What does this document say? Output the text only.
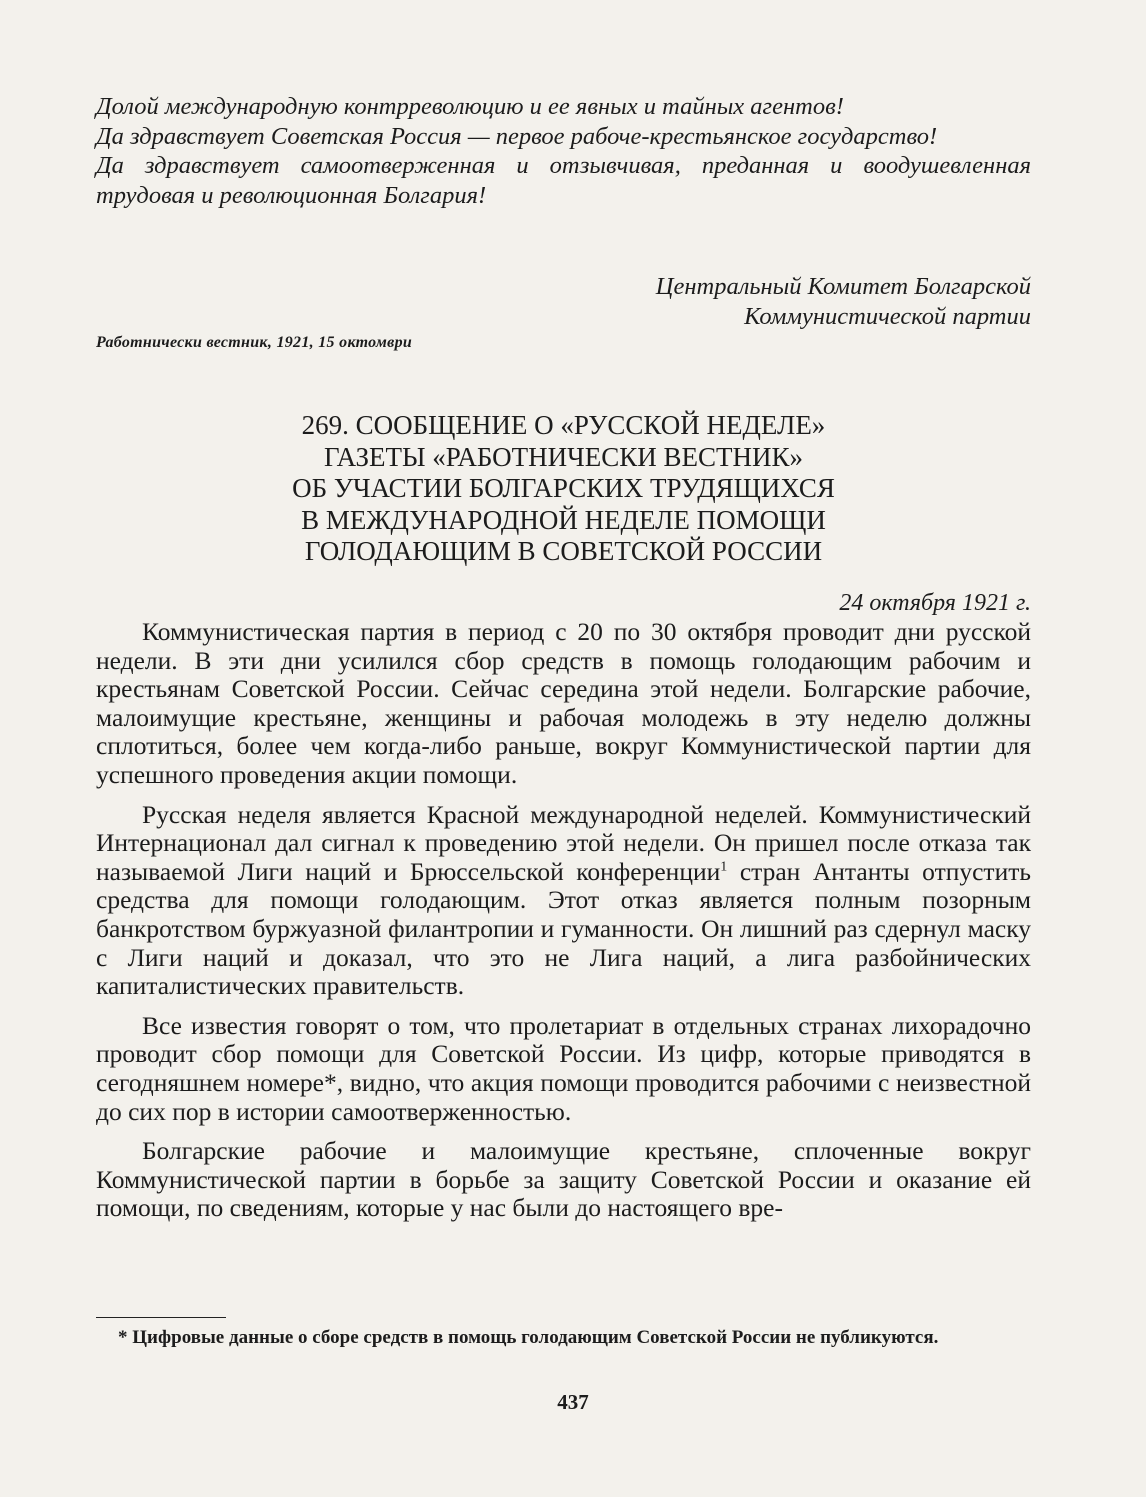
Долой международную контрреволюцию и ее явных и тайных агентов!

Да здравствует Советская Россия — первое рабоче-крестьянское государство!

Да здравствует самоотверженная и отзывчивая, преданная и воодушевленная трудовая и революционная Болгария!

Центральный Комитет Болгарской
Коммунистической партии
Работнически вестник, 1921, 15 октомври
269. СООБЩЕНИЕ О «РУССКОЙ НЕДЕЛЕ»
ГАЗЕТЫ «РАБОТНИЧЕСКИ ВЕСТНИК»
ОБ УЧАСТИИ БОЛГАРСКИХ ТРУДЯЩИХСЯ
В МЕЖДУНАРОДНОЙ НЕДЕЛЕ ПОМОЩИ
ГОЛОДАЮЩИМ В СОВЕТСКОЙ РОССИИ
24 октября 1921 г.

Коммунистическая партия в период с 20 по 30 октября проводит дни русской недели. В эти дни усилился сбор средств в помощь голодающим рабочим и крестьянам Советской России. Сейчас середина этой недели. Болгарские рабочие, малоимущие крестьяне, женщины и рабочая молодежь в эту неделю должны сплотиться, более чем когда-либо раньше, вокруг Коммунистической партии для успешного проведения акции помощи.

Русская неделя является Красной международной неделей. Коммунистический Интернационал дал сигнал к проведению этой недели. Он пришел после отказа так называемой Лиги наций и Брюссельской конференции$^1$ стран Антанты отпустить средства для помощи голодающим. Этот отказ является полным позорным банкротством буржуазной филантропии и гуманности. Он лишний раз сдернул маску с Лиги наций и доказал, что это не Лига наций, а лига разбойнических капиталистических правительств.

Все известия говорят о том, что пролетариат в отдельных странах лихорадочно проводит сбор помощи для Советской России. Из цифр, которые приводятся в сегодняшнем номере*, видно, что акция помощи проводится рабочими с неизвестной до сих пор в истории самоотверженностью.

Болгарские рабочие и малоимущие крестьяне, сплоченные вокруг Коммунистической партии в борьбе за защиту Советской России и оказание ей помощи, по сведениям, которые у нас были до настоящего вре-

* Цифровые данные о сборе средств в помощь голодающим Советской России не публикуются.
437
